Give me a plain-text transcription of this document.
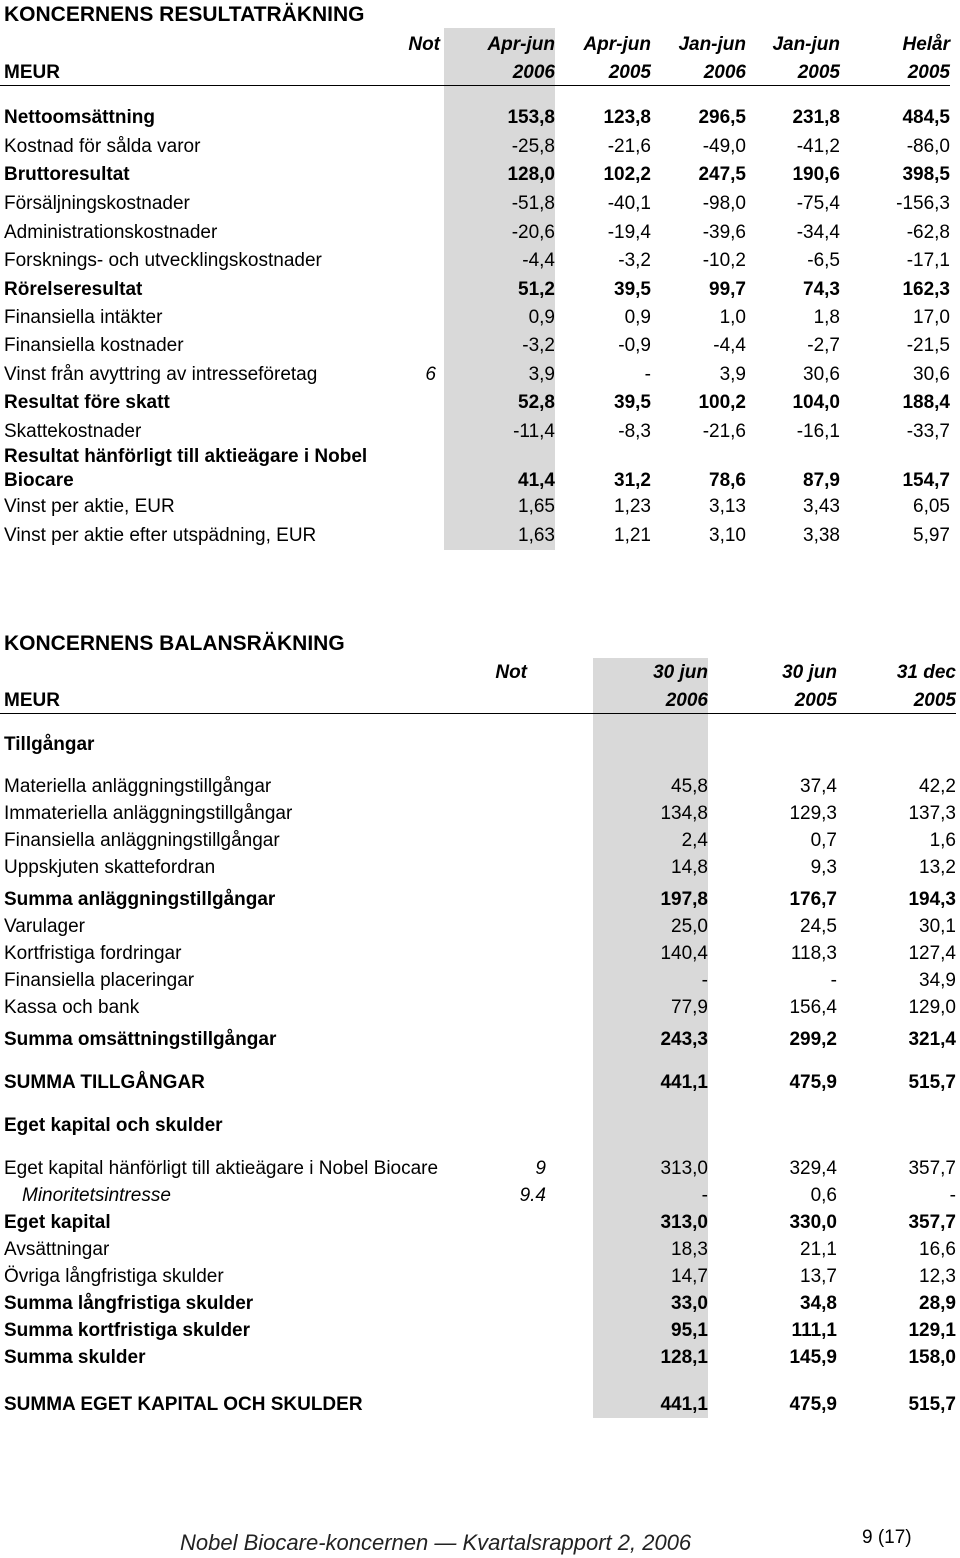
KONCERNENS RESULTATRÄKNING
Not	Apr-jun	Apr-jun	Jan-jun	Jan-jun	Helår
MEUR	2006	2005	2006	2005	2005
Nettoomsättning	153,8	123,8	296,5	231,8	484,5
Kostnad för sålda varor	-25,8	-21,6	-49,0	-41,2	-86,0
Bruttoresultat	128,0	102,2	247,5	190,6	398,5
Försäljningskostnader	-51,8	-40,1	-98,0	-75,4	-156,3
Administrationskostnader	-20,6	-19,4	-39,6	-34,4	-62,8
Forsknings- och utvecklingskostnader	-4,4	-3,2	-10,2	-6,5	-17,1
Rörelseresultat	51,2	39,5	99,7	74,3	162,3
Finansiella intäkter	0,9	0,9	1,0	1,8	17,0
Finansiella kostnader	-3,2	-0,9	-4,4	-2,7	-21,5
Vinst från avyttring av intresseföretag	6	3,9	-	3,9	30,6	30,6
Resultat före skatt	52,8	39,5	100,2	104,0	188,4
Skattekostnader	-11,4	-8,3	-21,6	-16,1	-33,7
Resultat hänförligt till aktieägare i Nobel
Biocare	41,4	31,2	78,6	87,9	154,7
Vinst per aktie, EUR	1,65	1,23	3,13	3,43	6,05
Vinst per aktie efter utspädning, EUR	1,63	1,21	3,10	3,38	5,97
KONCERNENS BALANSRÄKNING
Not	30 jun	30 jun	31 dec
MEUR	2006	2005	2005
Tillgångar
Materiella anläggningstillgångar	45,8	37,4	42,2
Immateriella anläggningstillgångar	134,8	129,3	137,3
Finansiella anläggningstillgångar	2,4	0,7	1,6
Uppskjuten skattefordran	14,8	9,3	13,2
Summa anläggningstillgångar	197,8	176,7	194,3
Varulager	25,0	24,5	30,1
Kortfristiga fordringar	140,4	118,3	127,4
Finansiella placeringar	-	-	34,9
Kassa och bank	77,9	156,4	129,0
Summa omsättningstillgångar	243,3	299,2	321,4
SUMMA TILLGÅNGAR	441,1	475,9	515,7
Eget kapital och skulder
Eget kapital hänförligt till aktieägare i Nobel Biocare	9	313,0	329,4	357,7
Minoritetsintresse	9.4	-	0,6	-
Eget kapital	313,0	330,0	357,7
Avsättningar	18,3	21,1	16,6
Övriga långfristiga skulder	14,7	13,7	12,3
Summa långfristiga skulder	33,0	34,8	28,9
Summa kortfristiga skulder	95,1	111,1	129,1
Summa skulder	128,1	145,9	158,0
SUMMA EGET KAPITAL OCH SKULDER	441,1	475,9	515,7
Nobel Biocare-koncernen — Kvartalsrapport 2, 2006	9 (17)
